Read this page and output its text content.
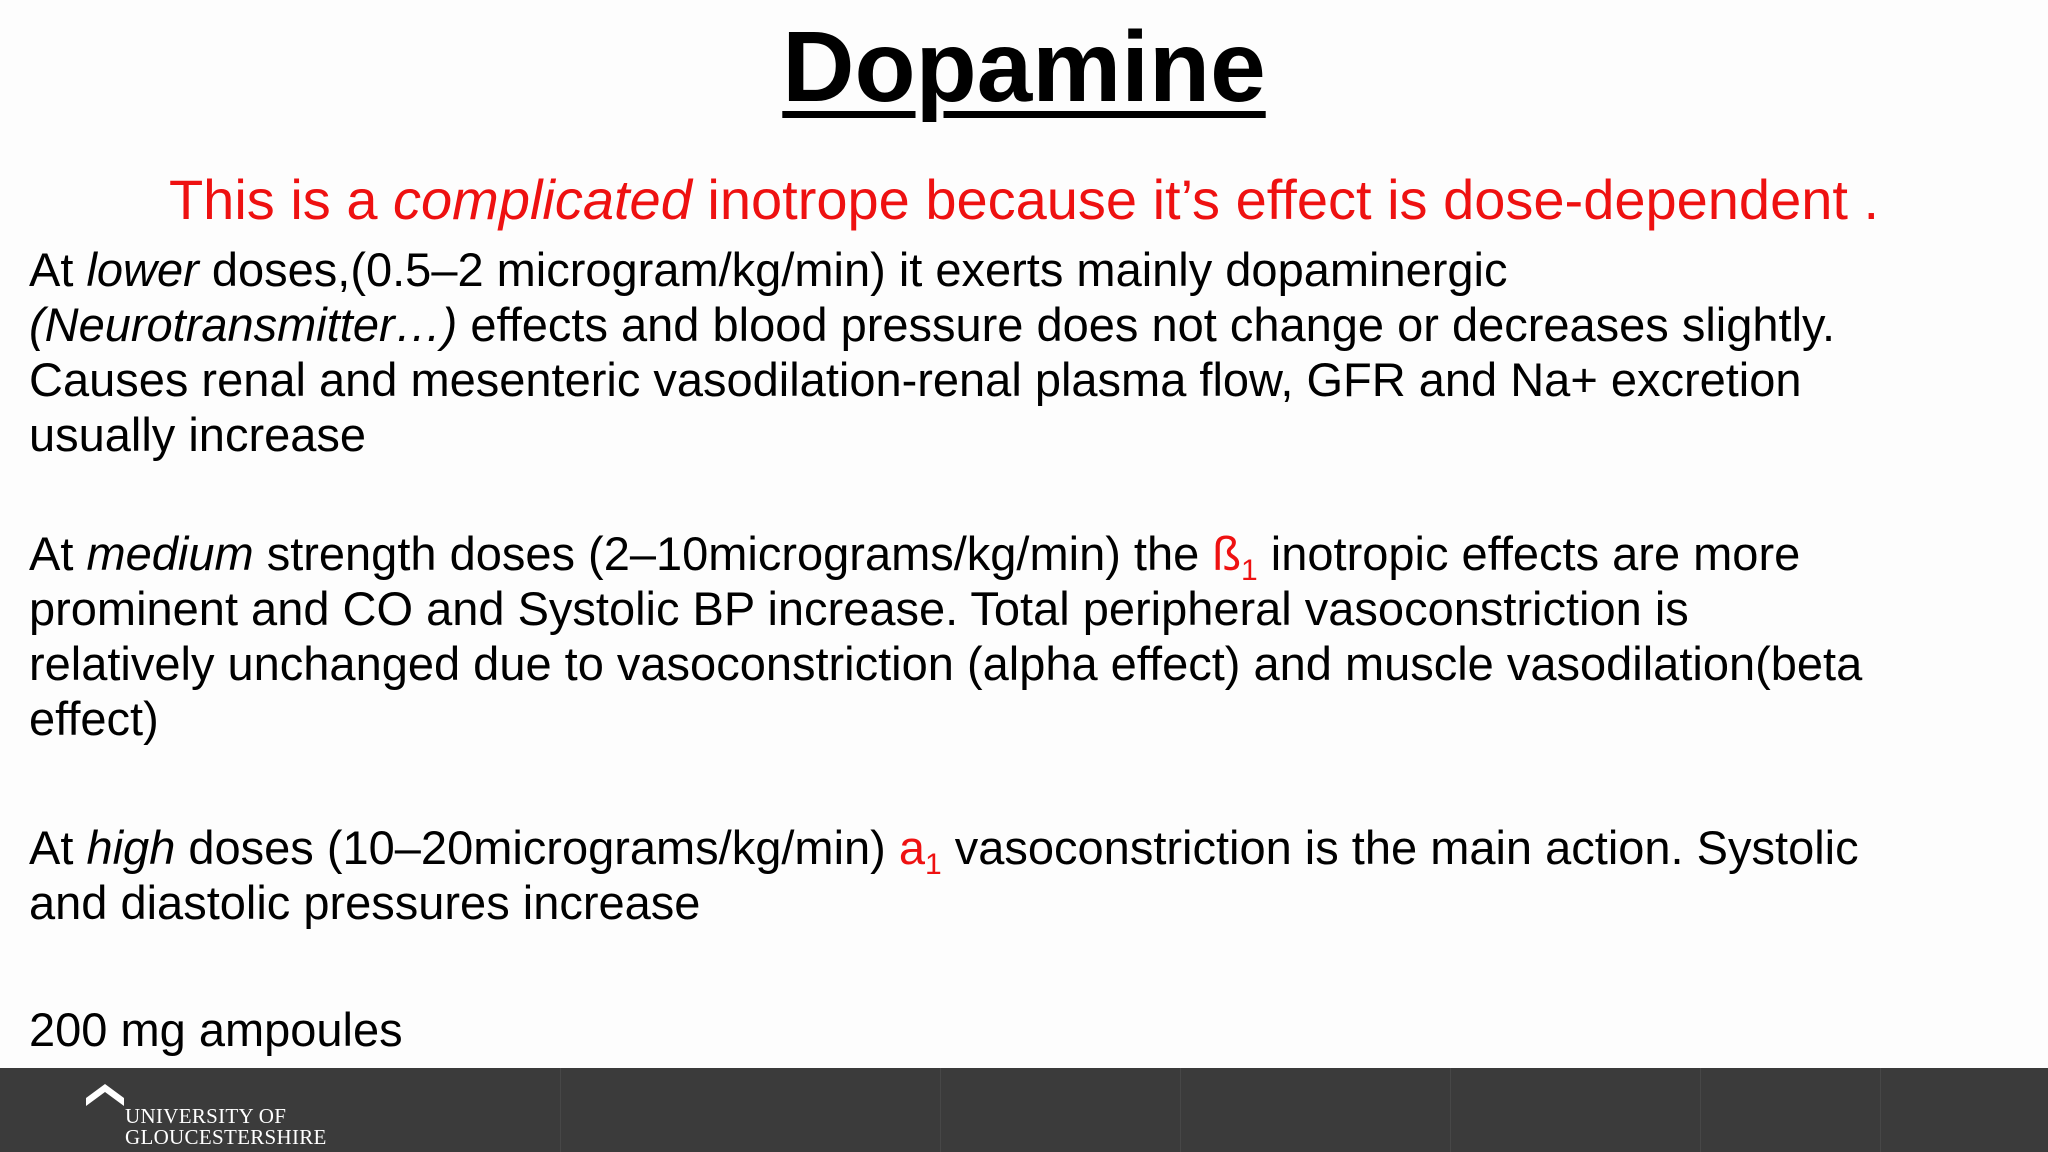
Dopamine
This is a complicated inotrope because it’s effect is dose-dependent .
At lower doses,(0.5–2 microgram/kg/min) it exerts mainly dopaminergic
(Neurotransmitter…) effects and blood pressure does not change or decreases slightly.
Causes renal and mesenteric vasodilation-renal plasma flow, GFR and Na+ excretion
usually increase
At medium strength doses (2–10micrograms/kg/min) the $ß_1$ inotropic effects are more
prominent and CO and Systolic BP increase. Total peripheral vasoconstriction is
relatively unchanged due to vasoconstriction (alpha effect) and muscle vasodilation(beta
effect)
At high doses (10–20micrograms/kg/min) $a_1$ vasoconstriction is the main action. Systolic
and diastolic pressures increase
200 mg ampoules
UNIVERSITY OF
GLOUCESTERSHIRE
